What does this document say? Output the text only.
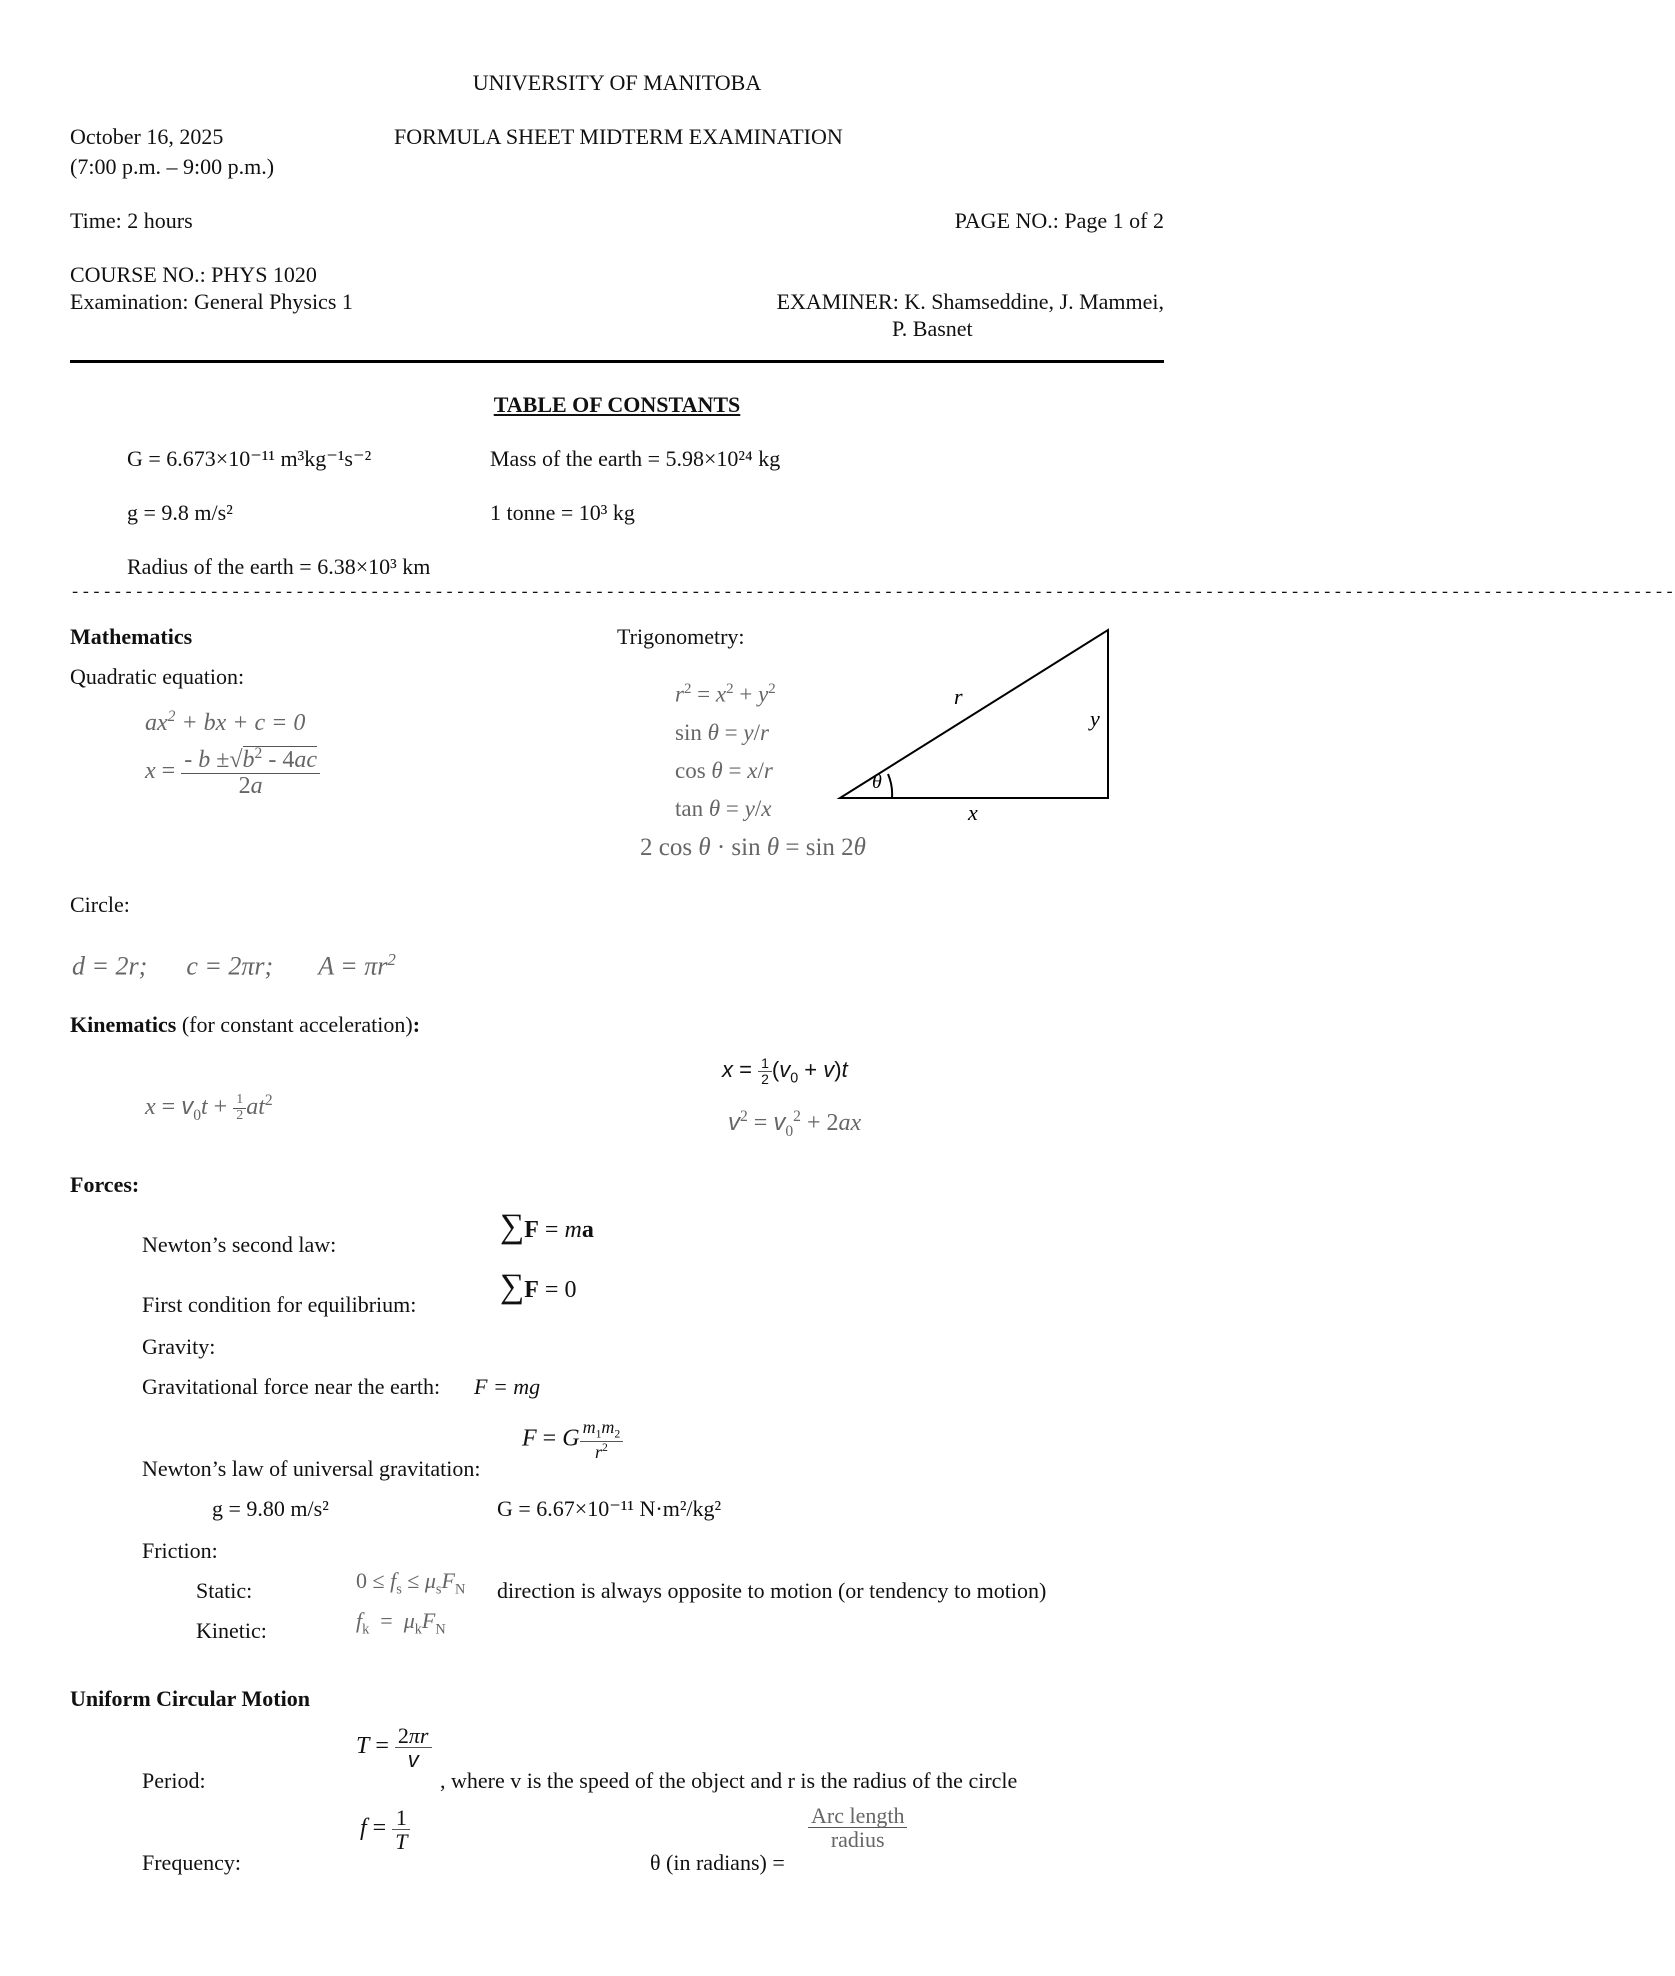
UNIVERSITY OF MANITOBA
October 16, 2025	FORMULA SHEET MIDTERM EXAMINATION
(7:00 p.m. – 9:00 p.m.)
Time: 2 hours	PAGE NO.: Page 1 of 2
COURSE NO.: PHYS 1020
Examination: General Physics 1	EXAMINER: K. Shamseddine, J. Mammei,
P. Basnet
TABLE OF CONSTANTS
G = 6.673×10⁻¹¹ m³kg⁻¹s⁻²	Mass of the earth = 5.98×10²⁴ kg
g = 9.8 m/s²	1 tonne = 10³ kg
Radius of the earth = 6.38×10³ km
------------------------------------------------------------------------------------------------------------------------------------------------------
Mathematics
Quadratic equation:
$ax^2$ + bx + c = 0
$x = \frac{- b \pm√b^2 - 4ac}{2a}$
Trigonometry:
$r^2 = x^2 + y^2$
sin θ = y/r
cos θ = x/r
tan θ = y/x
r
y
x
θ
2 cos θ · sin θ = sin 2θ
Circle:
d = 2r;      c = 2πr;       $A = \pi r^2$
Kinematics (for constant acceleration):
$x = v_0t + \frac{1}{2} at^2$
$x = \frac{1}{2} (v_0 + v)t$
$v^2 = v_0^2 + 2ax$
Forces:
Newton’s second law:	∑F = ma
First condition for equilibrium: ∑F = 0
Gravity:
Gravitational force near the earth: F = mg
F = G $\frac{m_1m_2}{r^2}$
Newton’s law of universal gravitation:
g = 9.80 m/s²	G = 6.67×10⁻¹¹ N·m²/kg²
Friction:
Static:	$0 \le f_s \le \mu_sF_N$ direction is always opposite to motion (or tendency to motion)
Kinetic:	$f_k = \mu_kF_N$
Uniform Circular Motion
$T = \frac{2\pi r}{v}$
Period:	, where v is the speed of the object and r is the radius of the circle
$f = \frac{1}{T}$
Frequency:	θ (in radians) =
$\frac{\text{Arc length}}{\text{radius}}$
